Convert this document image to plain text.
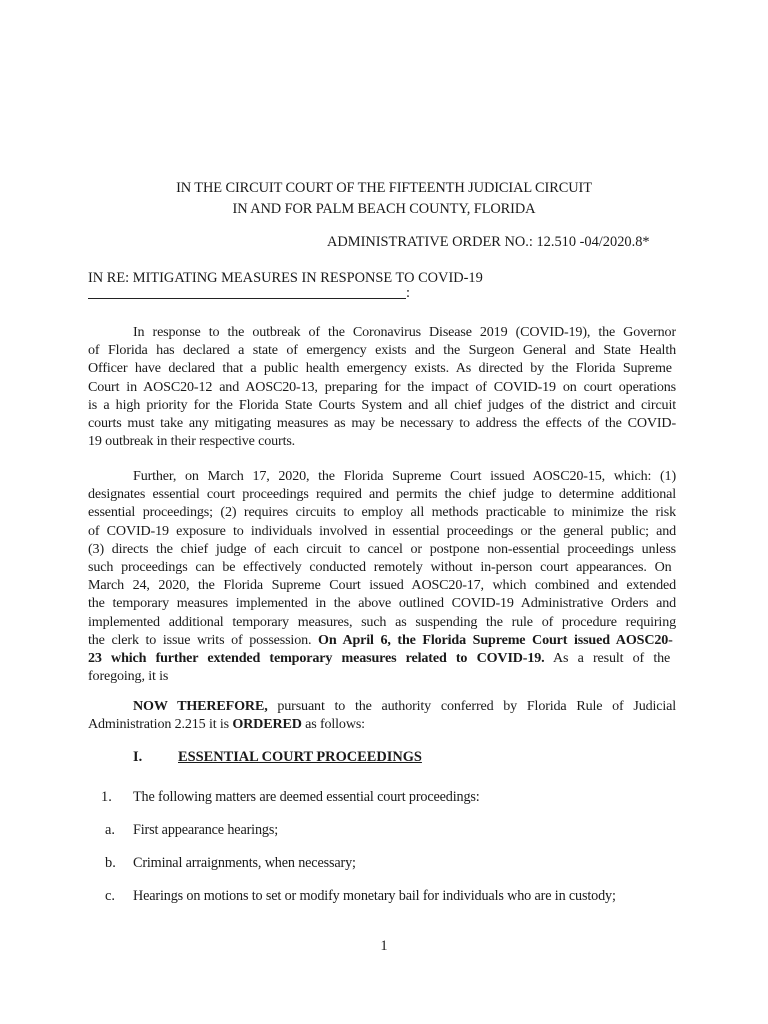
IN THE CIRCUIT COURT OF THE FIFTEENTH JUDICIAL CIRCUIT
IN AND FOR PALM BEACH COUNTY, FLORIDA
ADMINISTRATIVE ORDER NO.: 12.510 -04/2020.8*
IN RE: MITIGATING MEASURES IN RESPONSE TO COVID-19
:
In response to the outbreak of the Coronavirus Disease 2019 (COVID-19), the Governor
of Florida has declared a state of emergency exists and the Surgeon General and State Health
Officer have declared that a public health emergency exists. As directed by the Florida Supreme
Court in AOSC20-12 and AOSC20-13, preparing for the impact of COVID-19 on court operations
is a high priority for the Florida State Courts System and all chief judges of the district and circuit
courts must take any mitigating measures as may be necessary to address the effects of the COVID-
19 outbreak in their respective courts.
Further, on March 17, 2020, the Florida Supreme Court issued AOSC20-15, which: (1)
designates essential court proceedings required and permits the chief judge to determine additional
essential proceedings; (2) requires circuits to employ all methods practicable to minimize the risk
of COVID-19 exposure to individuals involved in essential proceedings or the general public; and
(3) directs the chief judge of each circuit to cancel or postpone non-essential proceedings unless
such proceedings can be effectively conducted remotely without in-person court appearances. On
March 24, 2020, the Florida Supreme Court issued AOSC20-17, which combined and extended
the temporary measures implemented in the above outlined COVID-19 Administrative Orders and
implemented additional temporary measures, such as suspending the rule of procedure requiring
the clerk to issue writs of possession. On April 6, the Florida Supreme Court issued AOSC20-
23 which further extended temporary measures related to COVID-19. As a result of the
foregoing, it is
NOW THEREFORE, pursuant to the authority conferred by Florida Rule of Judicial
Administration 2.215 it is ORDERED as follows:
I. ESSENTIAL COURT PROCEEDINGS
1. The following matters are deemed essential court proceedings:
a. First appearance hearings;
b. Criminal arraignments, when necessary;
c. Hearings on motions to set or modify monetary bail for individuals who are in custody;
1
